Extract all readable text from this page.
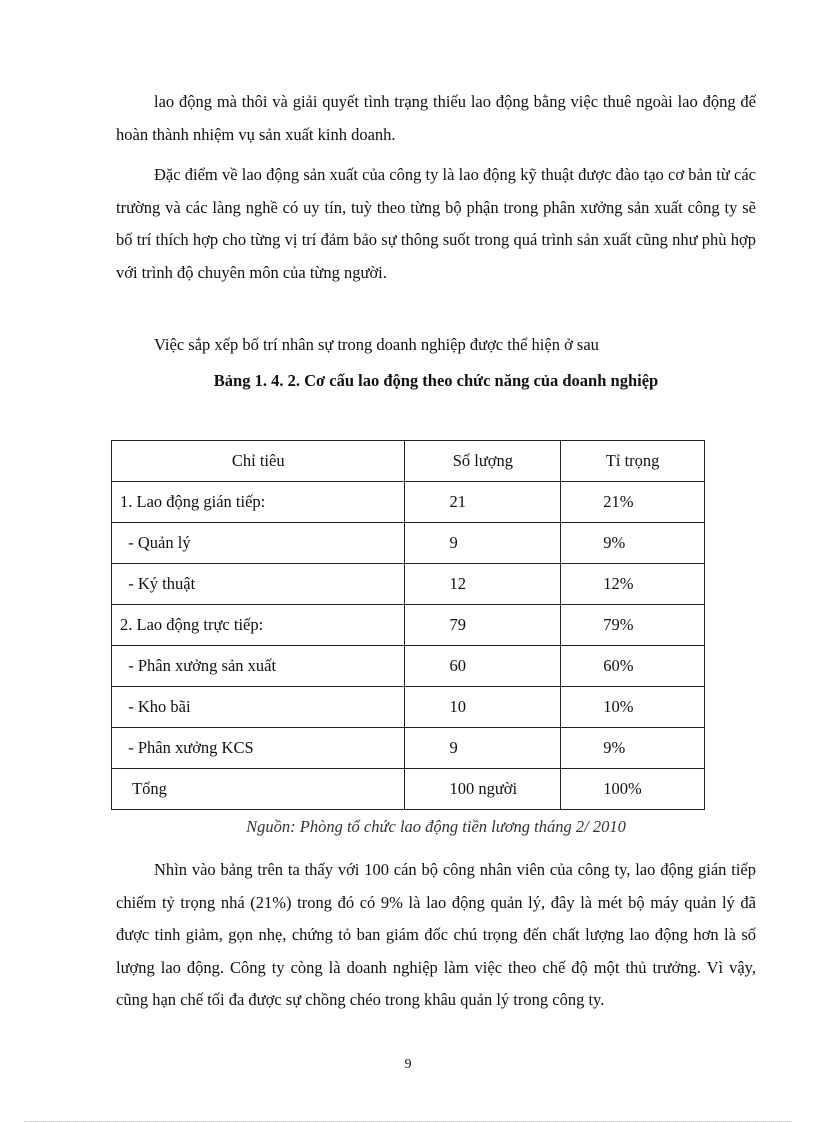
lao động mà thôi và giải quyết tình trạng thiếu lao động bằng việc thuê ngoài lao động để hoàn thành nhiệm vụ sản xuất kinh doanh.

Đặc điểm về lao động sản xuất của công ty là lao động kỹ thuật được đào tạo cơ bản từ các trường và các làng nghề có uy tín, tuỳ theo từng bộ phận trong phân xưởng sản xuất công ty sẽ bố trí thích hợp cho từng vị trí đảm bảo sự thông suốt trong quá trình sản xuất cũng như phù hợp với trình độ chuyên môn của từng người.

Việc sắp xếp bố trí nhân sự trong doanh nghiệp được thể hiện ở sau

Bảng 1. 4. 2. Cơ cấu lao động theo chức năng của doanh nghiệp
Chỉ tiêu	Số lượng	Tỉ trọng
1. Lao động gián tiếp:	21	21%
- Quản lý	9	9%
- Ký thuật	12	12%
2. Lao động trực tiếp:	79	79%
- Phân xưởng sản xuất	60	60%
- Kho bãi	10	10%
- Phân xưởng KCS	9	9%
Tổng	100 người	100%
Nguồn: Phòng tổ chức lao động tiền lương tháng 2/ 2010

Nhìn vào bảng trên ta thấy với 100 cán bộ công nhân viên của công ty, lao động gián tiếp chiếm tỷ trọng nhá (21%) trong đó có 9% là lao động quản lý, đây là mét bộ máy quản lý đã được tinh giảm, gọn nhẹ, chứng tỏ ban giám đốc chú trọng đến chất lượng lao động hơn là số lượng lao động. Công ty còng là doanh nghiệp làm việc theo chế độ một thủ trưởng. Vì vậy, cũng hạn chế tối đa được sự chồng chéo trong khâu quản lý trong công ty.

9
